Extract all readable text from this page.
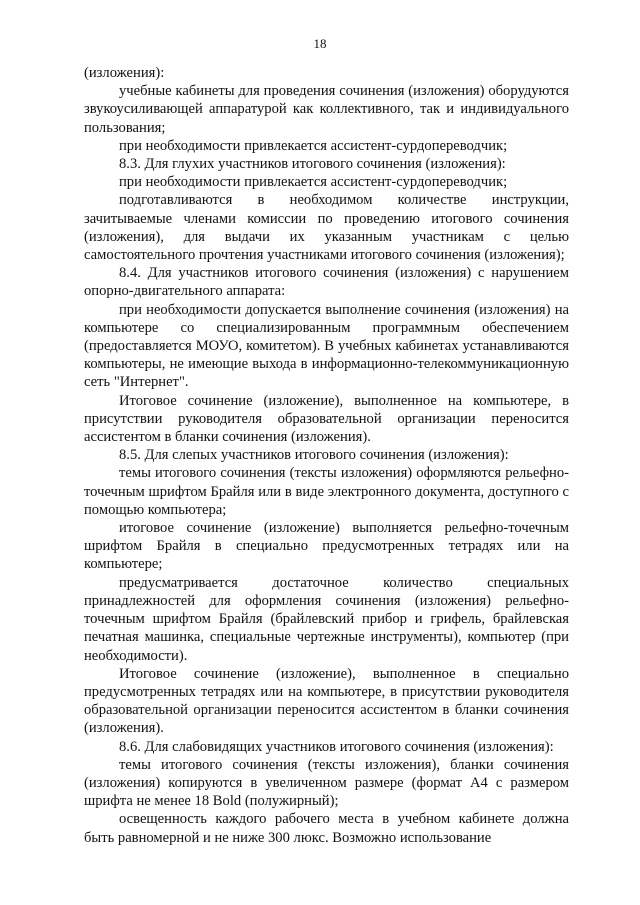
18

(изложения):

учебные кабинеты для проведения сочинения (изложения) оборудуются звукоусиливающей аппаратурой как коллективного, так и индивидуального пользования;

при необходимости привлекается ассистент-сурдопереводчик;

8.3. Для глухих участников итогового сочинения (изложения):

при необходимости привлекается ассистент-сурдопереводчик;

подготавливаются в необходимом количестве инструкции, зачитываемые членами комиссии по проведению итогового сочинения (изложения), для выдачи их указанным участникам с целью самостоятельного прочтения участниками итогового сочинения (изложения);

8.4. Для участников итогового сочинения (изложения) с нарушением опорно-двигательного аппарата:

при необходимости допускается выполнение сочинения (изложения) на компьютере со специализированным программным обеспечением (предоставляется МОУО, комитетом). В учебных кабинетах устанавливаются компьютеры, не имеющие выхода в информационно-телекоммуникационную сеть "Интернет".

Итоговое сочинение (изложение), выполненное на компьютере, в присутствии руководителя образовательной организации переносится ассистентом в бланки сочинения (изложения).

8.5. Для слепых участников итогового сочинения (изложения):

темы итогового сочинения (тексты изложения) оформляются рельефно-точечным шрифтом Брайля или в виде электронного документа, доступного с помощью компьютера;

итоговое сочинение (изложение) выполняется рельефно-точечным шрифтом Брайля в специально предусмотренных тетрадях или на компьютере;

предусматривается достаточное количество специальных принадлежностей для оформления сочинения (изложения) рельефно-точечным шрифтом Брайля (брайлевский прибор и грифель, брайлевская печатная машинка, специальные чертежные инструменты), компьютер (при необходимости).

Итоговое сочинение (изложение), выполненное в специально предусмотренных тетрадях или на компьютере, в присутствии руководителя образовательной организации переносится ассистентом в бланки сочинения (изложения).

8.6. Для слабовидящих участников итогового сочинения (изложения):

темы итогового сочинения (тексты изложения), бланки сочинения (изложения) копируются в увеличенном размере (формат А4 с размером шрифта не менее 18 Bold (полужирный);

освещенность каждого рабочего места в учебном кабинете должна быть равномерной и не ниже 300 люкс. Возможно использование
